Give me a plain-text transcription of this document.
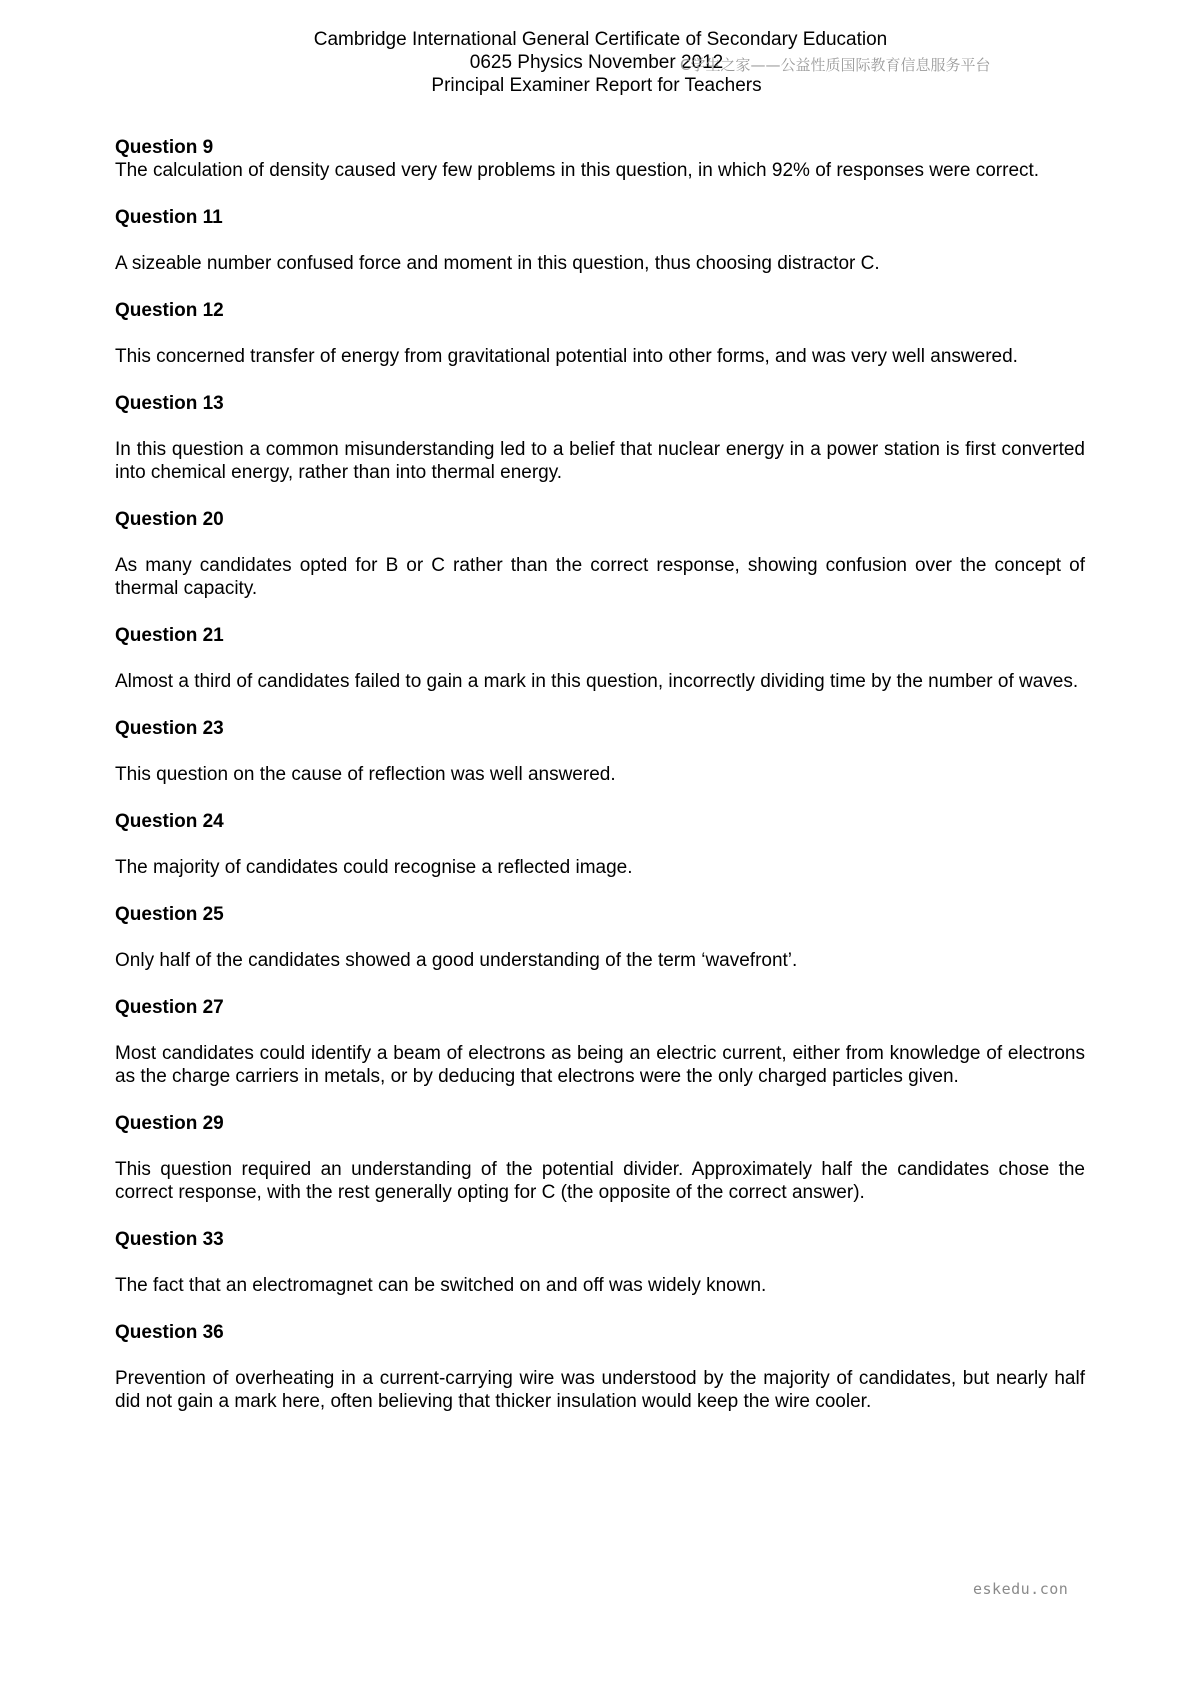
Cambridge International General Certificate of Secondary Education
0625 Physics November 2012
Principal Examiner Report for Teachers
C学生之家——公益性质国际教育信息服务平台
Question 9
The calculation of density caused very few problems in this question, in which 92% of responses were correct.
Question 11
A sizeable number confused force and moment in this question, thus choosing distractor C.
Question 12
This concerned transfer of energy from gravitational potential into other forms, and was very well answered.
Question 13
In this question a common misunderstanding led to a belief that nuclear energy in a power station is first converted into chemical energy, rather than into thermal energy.
Question 20
As many candidates opted for B or C rather than the correct response, showing confusion over the concept of thermal capacity.
Question 21
Almost a third of candidates failed to gain a mark in this question, incorrectly dividing time by the number of waves.
Question 23
This question on the cause of reflection was well answered.
Question 24
The majority of candidates could recognise a reflected image.
Question 25
Only half of the candidates showed a good understanding of the term ‘wavefront’.
Question 27
Most candidates could identify a beam of electrons as being an electric current, either from knowledge of electrons as the charge carriers in metals, or by deducing that electrons were the only charged particles given.
Question 29
This question required an understanding of the potential divider. Approximately half the candidates chose the correct response, with the rest generally opting for C (the opposite of the correct answer).
Question 33
The fact that an electromagnet can be switched on and off was widely known.
Question 36
Prevention of overheating in a current-carrying wire was understood by the majority of candidates, but nearly half did not gain a mark here, often believing that thicker insulation would keep the wire cooler.
eskedu.con
